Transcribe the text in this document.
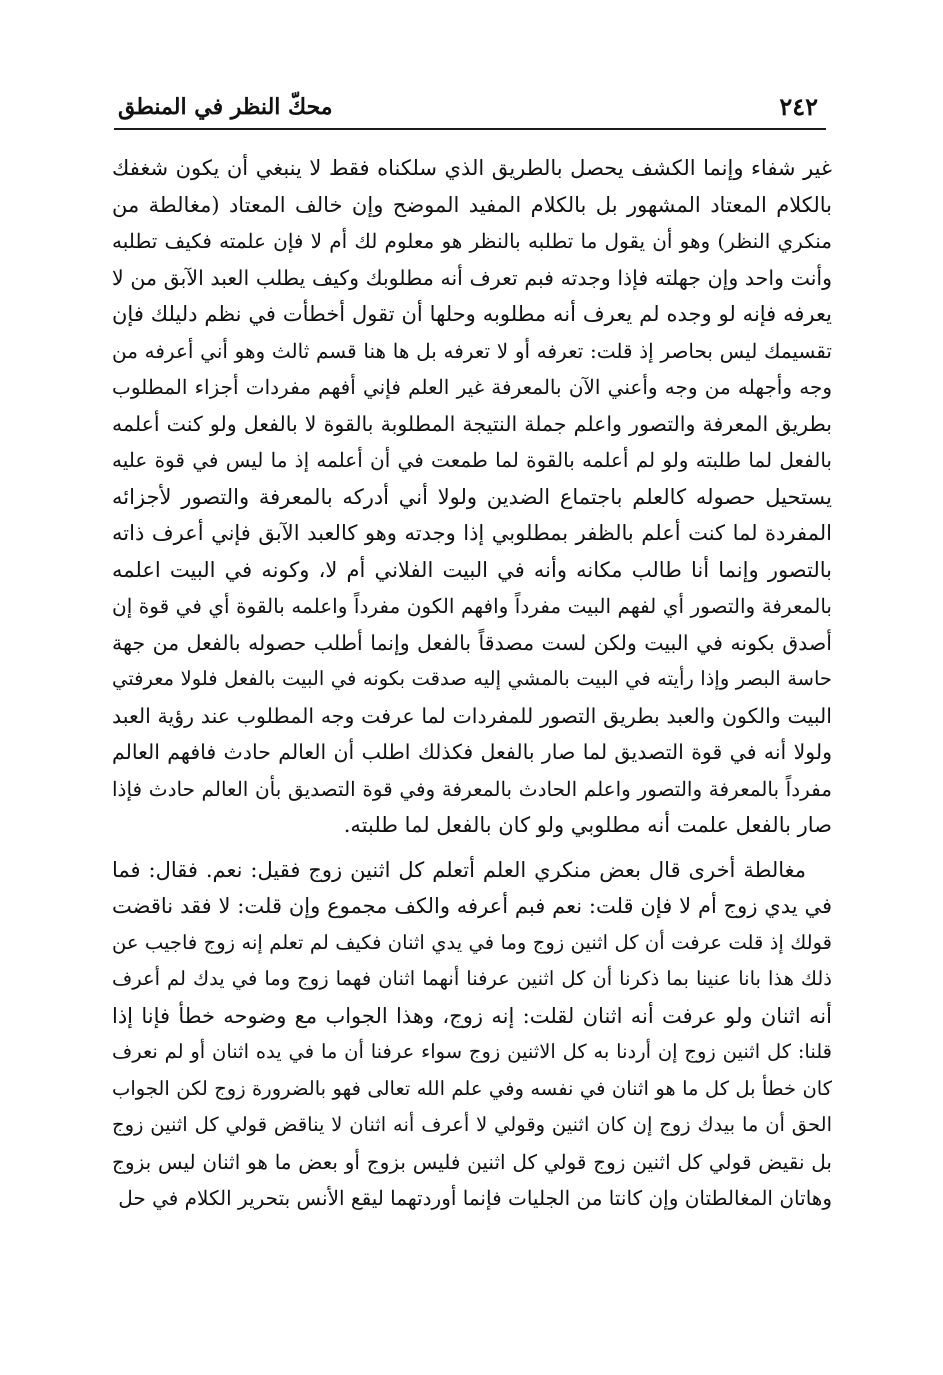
٢٤٢
محكّ النظر في المنطق
غير شفاء وإنما الكشف يحصل بالطريق الذي سلكناه فقط لا ينبغي أن يكون شغفك
بالكلام المعتاد المشهور بل بالكلام المفيد الموضح وإن خالف المعتاد (مغالطة من
منكري النظر) وهو أن يقول ما تطلبه بالنظر هو معلوم لك أم لا فإن علمته فكيف تطلبه
وأنت واحد وإن جهلته فإذا وجدته فبم تعرف أنه مطلوبك وكيف يطلب العبد الآبق من لا
يعرفه فإنه لو وجده لم يعرف أنه مطلوبه وحلها أن تقول أخطأت في نظم دليلك فإن
تقسيمك ليس بحاصر إذ قلت: تعرفه أو لا تعرفه بل ها هنا قسم ثالث وهو أني أعرفه من
وجه وأجهله من وجه وأعني الآن بالمعرفة غير العلم فإني أفهم مفردات أجزاء المطلوب
بطريق المعرفة والتصور واعلم جملة النتيجة المطلوبة بالقوة لا بالفعل ولو كنت أعلمه
بالفعل لما طلبته ولو لم أعلمه بالقوة لما طمعت في أن أعلمه إذ ما ليس في قوة عليه
يستحيل حصوله كالعلم باجتماع الضدين ولولا أني أدركه بالمعرفة والتصور لأجزائه
المفردة لما كنت أعلم بالظفر بمطلوبي إذا وجدته وهو كالعبد الآبق فإني أعرف ذاته
بالتصور وإنما أنا طالب مكانه وأنه في البيت الفلاني أم لا، وكونه في البيت اعلمه
بالمعرفة والتصور أي لفهم البيت مفرداً وافهم الكون مفرداً واعلمه بالقوة أي في قوة إن
أصدق بكونه في البيت ولكن لست مصدقاً بالفعل وإنما أطلب حصوله بالفعل من جهة
حاسة البصر وإذا رأيته في البيت بالمشي إليه صدقت بكونه في البيت بالفعل فلولا معرفتي
البيت والكون والعبد بطريق التصور للمفردات لما عرفت وجه المطلوب عند رؤية العبد
ولولا أنه في قوة التصديق لما صار بالفعل فكذلك اطلب أن العالم حادث فافهم العالم
مفرداً بالمعرفة والتصور واعلم الحادث بالمعرفة وفي قوة التصديق بأن العالم حادث فإذا
صار بالفعل علمت أنه مطلوبي ولو كان بالفعل لما طلبته.
مغالطة أخرى قال بعض منكري العلم أتعلم كل اثنين زوج فقيل: نعم. فقال: فما
في يدي زوج أم لا فإن قلت: نعم فبم أعرفه والكف مجموع وإن قلت: لا فقد ناقضت
قولك إذ قلت عرفت أن كل اثنين زوج وما في يدي اثنان فكيف لم تعلم إنه زوج فاجيب عن
ذلك هذا بانا عنينا بما ذكرنا أن كل اثنين عرفنا أنهما اثنان فهما زوج وما في يدك لم أعرف
أنه اثنان ولو عرفت أنه اثنان لقلت: إنه زوج، وهذا الجواب مع وضوحه خطأ فإنا إذا
قلنا: كل اثنين زوج إن أردنا به كل الاثنين زوج سواء عرفنا أن ما في يده اثنان أو لم نعرف
كان خطأ بل كل ما هو اثنان في نفسه وفي علم الله تعالى فهو بالضرورة زوج لكن الجواب
الحق أن ما بيدك زوج إن كان اثنين وقولي لا أعرف أنه اثنان لا يناقض قولي كل اثنين زوج
بل نقيض قولي كل اثنين زوج قولي كل اثنين فليس بزوج أو بعض ما هو اثنان ليس بزوج
وهاتان المغالطتان وإن كانتا من الجليات فإنما أوردتهما ليقع الأنس بتحرير الكلام في حل
